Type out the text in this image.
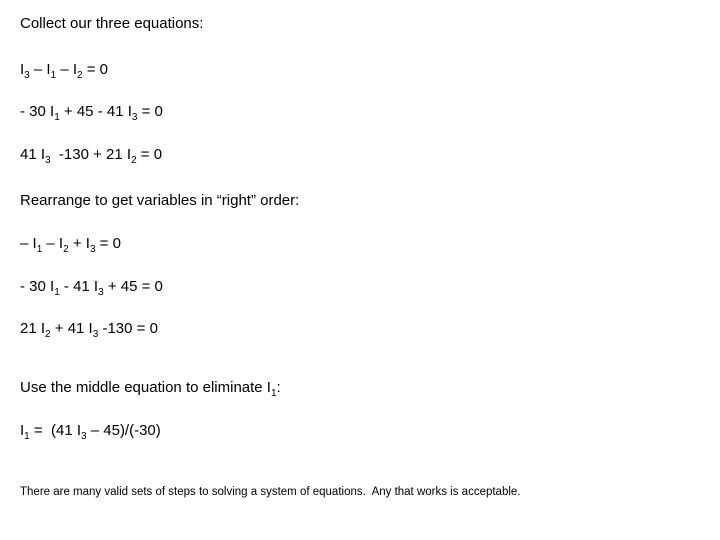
Collect our three equations:
$I_3 - I_1 - I_2 = 0$
- 30 $I_1 + 45 - 41$ $I_3 = 0$
41 $I_3$  -130 + 21 $I_2 = 0$
Rearrange to get variables in “right” order:
– $I_1 - I_2 + I_3 = 0$
- 30 $I_1 - 41$ $I_3 + 45 = 0$
21 $I_2 + 41$ $I_3$ -130 = 0
Use the middle equation to eliminate $I_1$:
$I_1 = (41$ $I_3 - 45)/(-30)$
There are many valid sets of steps to solving a system of equations.  Any that works is acceptable.
